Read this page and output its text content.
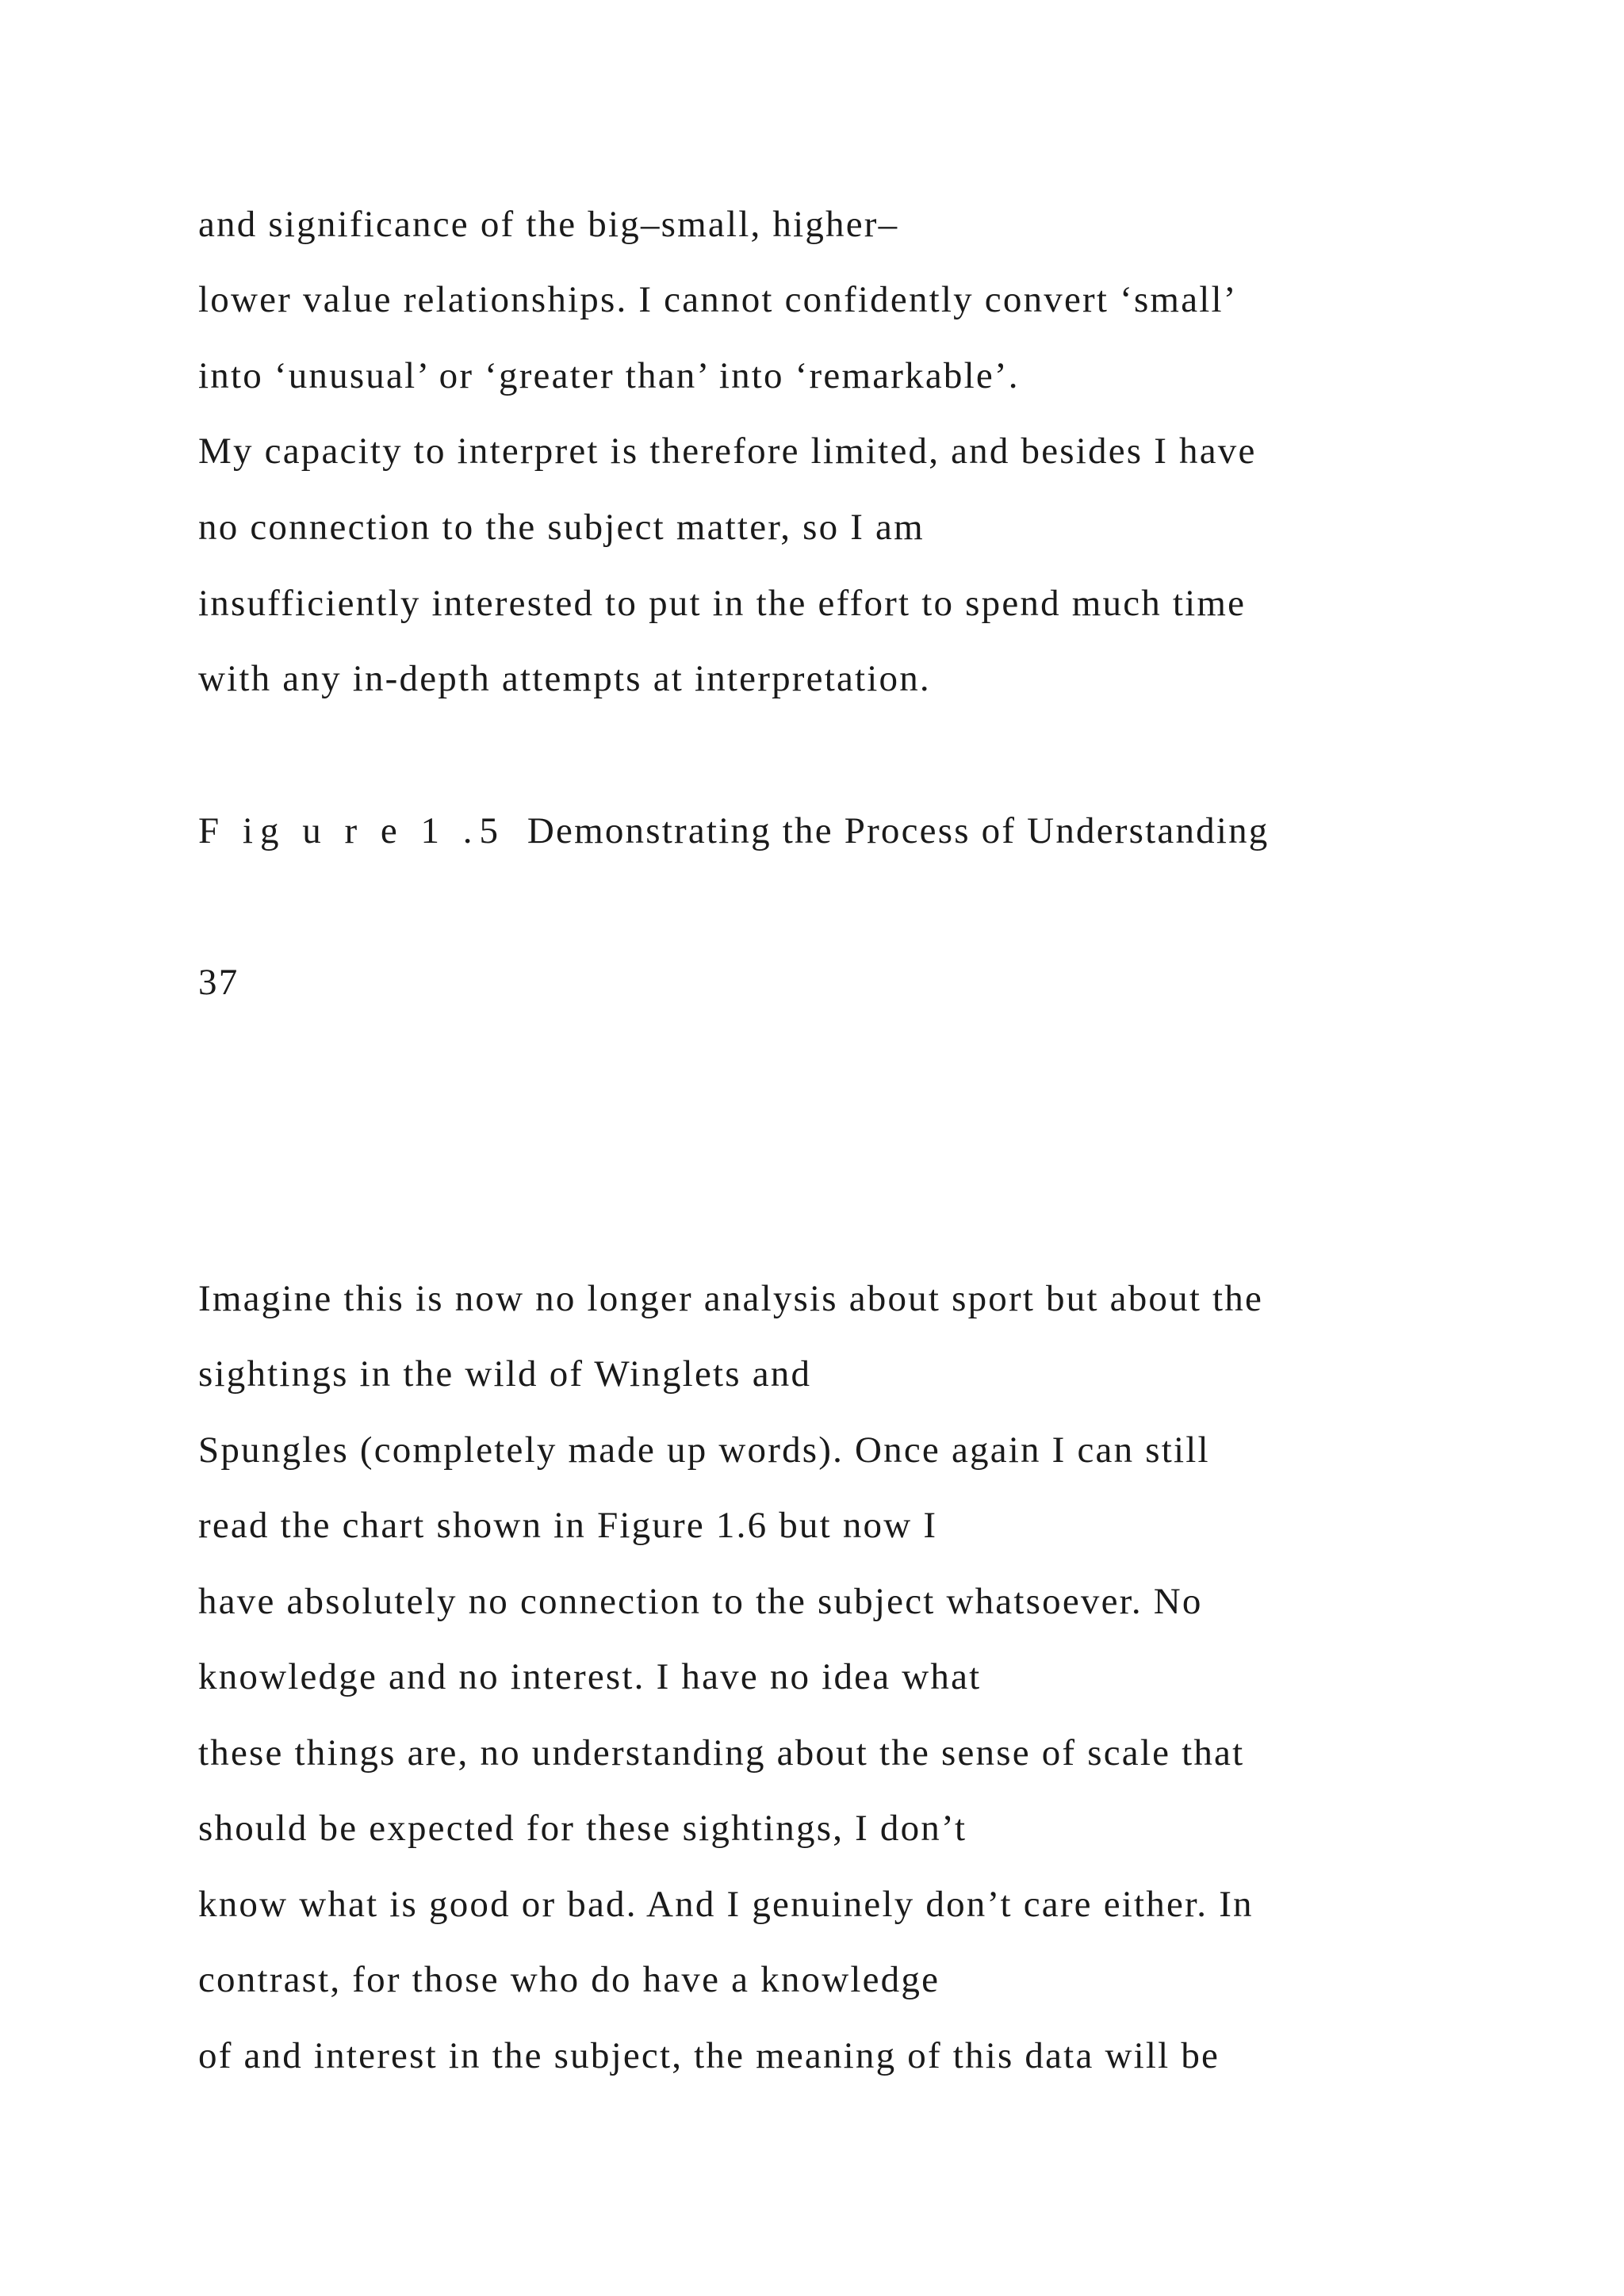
and significance of the big–small, higher–

lower value relationships. I cannot confidently convert ‘small’

into ‘unusual’ or ‘greater than’ into ‘remarkable’.

My capacity to interpret is therefore limited, and besides I have

no connection to the subject matter, so I am

insufficiently interested to put in the effort to spend much time

with any in-depth attempts at interpretation.

F ig u r e 1 .5 Demonstrating the Process of Understanding

37

Imagine this is now no longer analysis about sport but about the

sightings in the wild of Winglets and

Spungles (completely made up words). Once again I can still

read the chart shown in Figure 1.6 but now I

have absolutely no connection to the subject whatsoever. No

knowledge and no interest. I have no idea what

these things are, no understanding about the sense of scale that

should be expected for these sightings, I don’t

know what is good or bad. And I genuinely don’t care either. In

contrast, for those who do have a knowledge

of and interest in the subject, the meaning of this data will be
